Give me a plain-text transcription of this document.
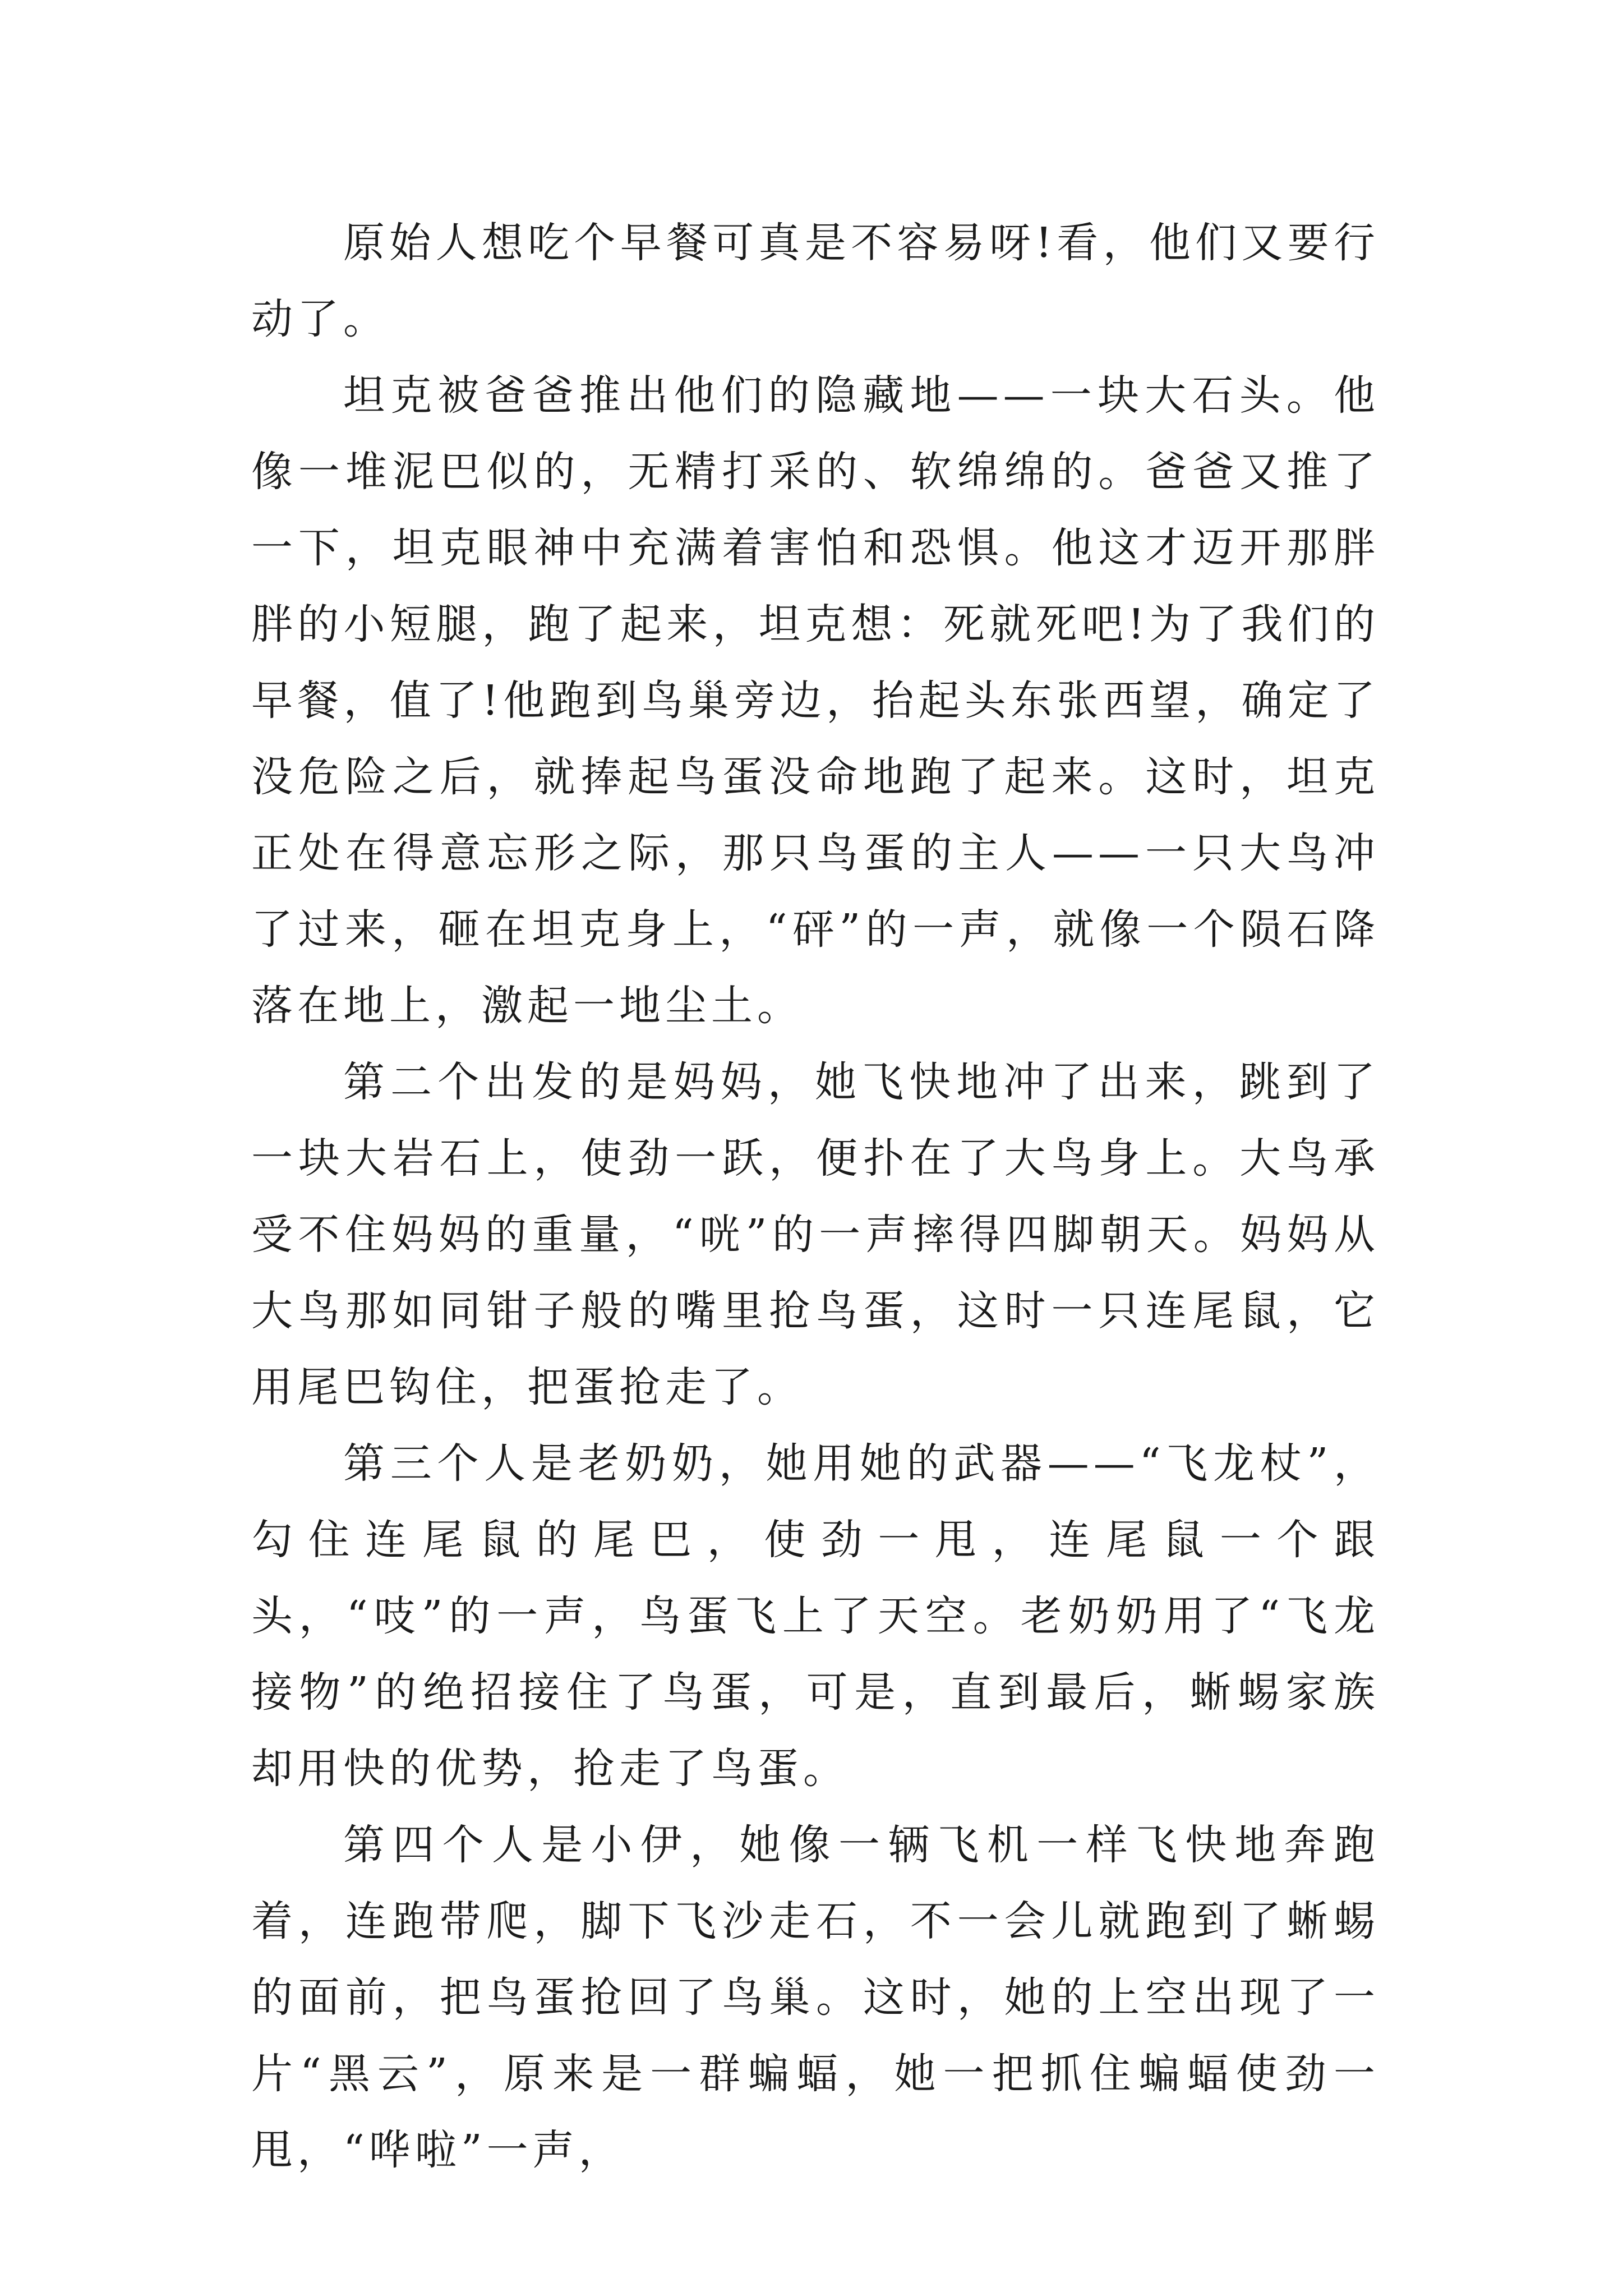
原始人想吃个早餐可真是不容易呀!看，他们又要行动了。

坦克被爸爸推出他们的隐藏地——一块大石头。他像一堆泥巴似的，无精打采的、软绵绵的。爸爸又推了一下，坦克眼神中充满着害怕和恐惧。他这才迈开那胖胖的小短腿，跑了起来，坦克想：死就死吧!为了我们的早餐，值了!他跑到鸟巢旁边，抬起头东张西望，确定了没危险之后，就捧起鸟蛋没命地跑了起来。这时，坦克正处在得意忘形之际，那只鸟蛋的主人——一只大鸟冲了过来，砸在坦克身上，“砰”的一声，就像一个陨石降落在地上，激起一地尘土。

第二个出发的是妈妈，她飞快地冲了出来，跳到了一块大岩石上，使劲一跃，便扑在了大鸟身上。大鸟承受不住妈妈的重量，“咣”的一声摔得四脚朝天。妈妈从大鸟那如同钳子般的嘴里抢鸟蛋，这时一只连尾鼠，它用尾巴钩住，把蛋抢走了。

第三个人是老奶奶，她用她的武器——“飞龙杖”，勾住连尾鼠的尾巴，使劲一甩，连尾鼠一个跟头，“吱”的一声，鸟蛋飞上了天空。老奶奶用了“飞龙接物”的绝招接住了鸟蛋，可是，直到最后，蜥蜴家族却用快的优势，抢走了鸟蛋。

第四个人是小伊，她像一辆飞机一样飞快地奔跑着，连跑带爬，脚下飞沙走石，不一会儿就跑到了蜥蜴的面前，把鸟蛋抢回了鸟巢。这时，她的上空出现了一片“黑云”，原来是一群蝙蝠，她一把抓住蝙蝠使劲一甩，“哗啦”一声，
